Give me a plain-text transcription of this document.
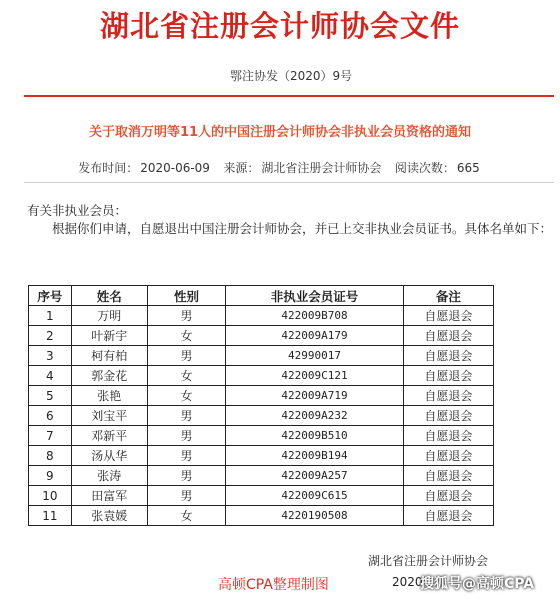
湖北省注册会计师协会文件
鄂注协发（2020）9号
关于取消万明等11人的中国注册会计师协会非执业会员资格的通知
发布时间： 2020-06-09 来源： 湖北省注册会计师协会 阅读次数： 665
有关非执业会员：
根据你们申请，自愿退出中国注册会计师协会，并已上交非执业会员证书。具体名单如下：
序号	姓名	性别	非执业会员证号	备注
1	万明	男	422009B708	自愿退会
2	叶新宇	女	422009A179	自愿退会
3	柯有柏	男	42990017	自愿退会
4	郭金花	女	422009C121	自愿退会
5	张艳	女	422009A719	自愿退会
6	刘宝平	男	422009A232	自愿退会
7	邓新平	男	422009B510	自愿退会
8	汤从华	男	422009B194	自愿退会
9	张涛	男	422009A257	自愿退会
10	田富军	男	422009C615	自愿退会
11	张袁媛	女	4220190508	自愿退会
湖北省注册会计师协会
2020
高顿CPA整理制图	搜狐号@高顿CPA
